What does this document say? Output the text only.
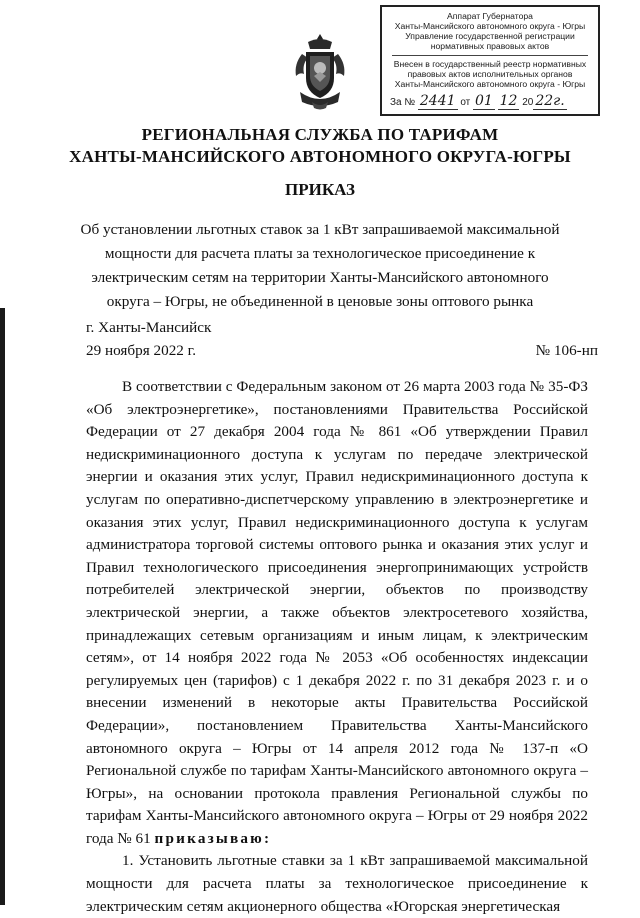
Аппарат Губернатора
Ханты-Мансийского автономного округа - Югры
Управление государственной регистрации
нормативных правовых актов
Внесен в государственный реестр нормативных
правовых актов исполнительных органов
Ханты-Мансийского автономного округа - Югры
За № 2441 от 01 12 20 22г.
РЕГИОНАЛЬНАЯ СЛУЖБА ПО ТАРИФАМ
ХАНТЫ-МАНСИЙСКОГО АВТОНОМНОГО ОКРУГА-ЮГРЫ
ПРИКАЗ
Об установлении льготных ставок за 1 кВт запрашиваемой максимальной мощности для расчета платы за технологическое присоединение к электрическим сетям на территории Ханты-Мансийского автономного округа – Югры, не объединенной в ценовые зоны оптового рынка
г. Ханты-Мансийск
29 ноября 2022 г.	№ 106-нп

В соответствии с Федеральным законом от 26 марта 2003 года № 35-ФЗ «Об электроэнергетике», постановлениями Правительства Российской Федерации от 27 декабря 2004 года № 861 «Об утверждении Правил недискриминационного доступа к услугам по передаче электрической энергии и оказания этих услуг, Правил недискриминационного доступа к услугам по оперативно-диспетчерскому управлению в электроэнергетике и оказания этих услуг, Правил недискриминационного доступа к услугам администратора торговой системы оптового рынка и оказания этих услуг и Правил технологического присоединения энергопринимающих устройств потребителей электрической энергии, объектов по производству электрической энергии, а также объектов электросетевого хозяйства, принадлежащих сетевым организациям и иным лицам, к электрическим сетям», от 14 ноября 2022 года № 2053 «Об особенностях индексации регулируемых цен (тарифов) с 1 декабря 2022 г. по 31 декабря 2023 г. и о внесении изменений в некоторые акты Правительства Российской Федерации», постановлением Правительства Ханты-Мансийского автономного округа – Югры от 14 апреля 2012 года № 137-п «О Региональной службе по тарифам Ханты-Мансийского автономного округа – Югры», на основании протокола правления Региональной службы по тарифам Ханты-Мансийского автономного округа – Югры от 29 ноября 2022 года № 61 приказываю:

1. Установить льготные ставки за 1 кВт запрашиваемой максимальной мощности для расчета платы за технологическое присоединение к электрическим сетям акционерного общества «Югорская энергетическая
